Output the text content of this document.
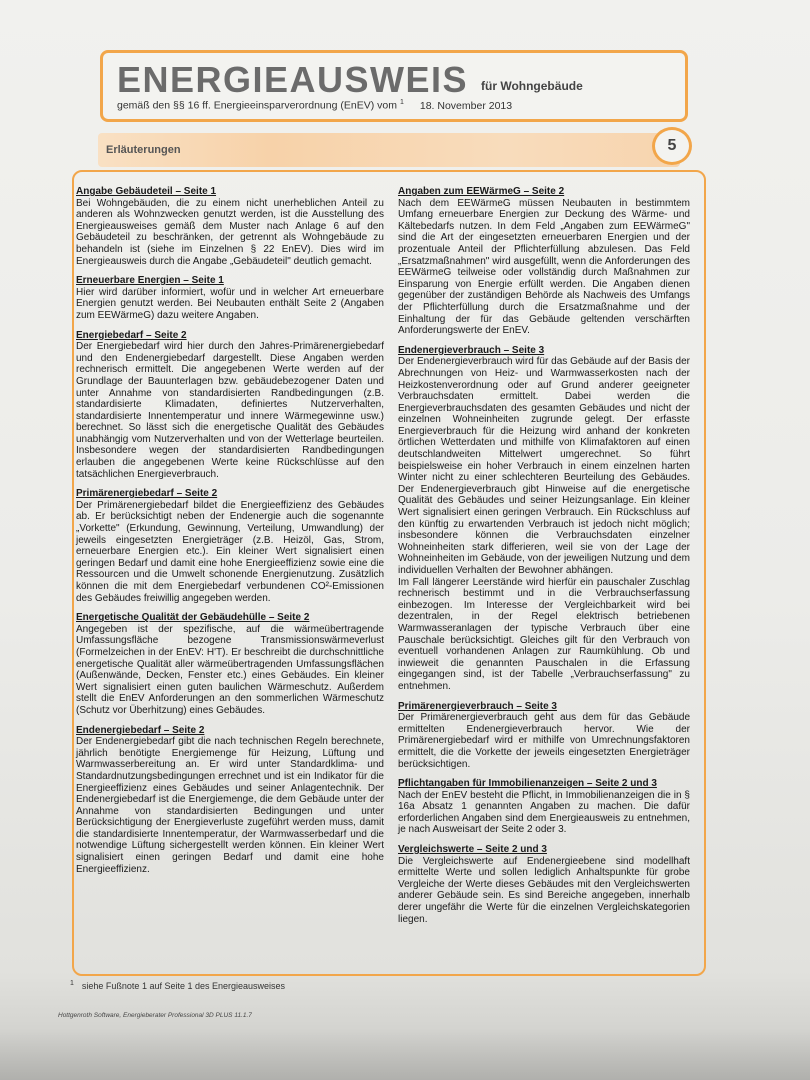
ENERGIEAUSWEIS für Wohngebäude
gemäß den §§ 16 ff. Energieeinsparverordnung (EnEV) vom $^1$ 18. November 2013
Erläuterungen	5
Angabe Gebäudeteil – Seite 1
Bei Wohngebäuden, die zu einem nicht unerheblichen Anteil zu anderen als Wohnzwecken genutzt werden, ist die Ausstellung des Energieausweises gemäß dem Muster nach Anlage 6 auf den Gebäudeteil zu beschränken, der getrennt als Wohngebäude zu behandeln ist (siehe im Einzelnen § 22 EnEV). Dies wird im Energieausweis durch die Angabe „Gebäudeteil" deutlich gemacht.
Erneuerbare Energien – Seite 1
Hier wird darüber informiert, wofür und in welcher Art erneuerbare Energien genutzt werden. Bei Neubauten enthält Seite 2 (Angaben zum EEWärmeG) dazu weitere Angaben.
Energiebedarf – Seite 2
Der Energiebedarf wird hier durch den Jahres-Primärenergiebedarf und den Endenergiebedarf dargestellt. Diese Angaben werden rechnerisch ermittelt. Die angegebenen Werte werden auf der Grundlage der Bauunterlagen bzw. gebäudebezogener Daten und unter Annahme von standardisierten Randbedingungen (z.B. standardisierte Klimadaten, definiertes Nutzerverhalten, standardisierte Innentemperatur und innere Wärmegewinne usw.) berechnet. So lässt sich die energetische Qualität des Gebäudes unabhängig vom Nutzerverhalten und von der Wetterlage beurteilen. Insbesondere wegen der standardisierten Randbedingungen erlauben die angegebenen Werte keine Rückschlüsse auf den tatsächlichen Energieverbrauch.
Primärenergiebedarf – Seite 2
Der Primärenergiebedarf bildet die Energieeffizienz des Gebäudes ab. Er berücksichtigt neben der Endenergie auch die sogenannte „Vorkette" (Erkundung, Gewinnung, Verteilung, Umwandlung) der jeweils eingesetzten Energieträger (z.B. Heizöl, Gas, Strom, erneuerbare Energien etc.). Ein kleiner Wert signalisiert einen geringen Bedarf und damit eine hohe Energieeffizienz sowie eine die Ressourcen und die Umwelt schonende Energienutzung. Zusätzlich können die mit dem Energiebedarf verbundenen CO²-Emissionen des Gebäudes freiwillig angegeben werden.
Energetische Qualität der Gebäudehülle – Seite 2
Angegeben ist der spezifische, auf die wärmeübertragende Umfassungsfläche bezogene Transmissionswärmeverlust (Formelzeichen in der EnEV: H'T). Er beschreibt die durchschnittliche energetische Qualität aller wärmeübertragenden Umfassungsflächen (Außenwände, Decken, Fenster etc.) eines Gebäudes. Ein kleiner Wert signalisiert einen guten baulichen Wärmeschutz. Außerdem stellt die EnEV Anforderungen an den sommerlichen Wärmeschutz (Schutz vor Überhitzung) eines Gebäudes.
Endenergiebedarf – Seite 2
Der Endenergiebedarf gibt die nach technischen Regeln berechnete, jährlich benötigte Energiemenge für Heizung, Lüftung und Warmwasserbereitung an. Er wird unter Standardklima- und Standardnutzungsbedingungen errechnet und ist ein Indikator für die Energieeffizienz eines Gebäudes und seiner Anlagentechnik. Der Endenergiebedarf ist die Energiemenge, die dem Gebäude unter der Annahme von standardisierten Bedingungen und unter Berücksichtigung der Energieverluste zugeführt werden muss, damit die standardisierte Innentemperatur, der Warmwasserbedarf und die notwendige Lüftung sichergestellt werden können. Ein kleiner Wert signalisiert einen geringen Bedarf und damit eine hohe Energieeffizienz.
Angaben zum EEWärmeG – Seite 2
Nach dem EEWärmeG müssen Neubauten in bestimmtem Umfang erneuerbare Energien zur Deckung des Wärme- und Kältebedarfs nutzen. In dem Feld „Angaben zum EEWärmeG" sind die Art der eingesetzten erneuerbaren Energien und der prozentuale Anteil der Pflichterfüllung abzulesen. Das Feld „Ersatzmaßnahmen" wird ausgefüllt, wenn die Anforderungen des EEWärmeG teilweise oder vollständig durch Maßnahmen zur Einsparung von Energie erfüllt werden. Die Angaben dienen gegenüber der zuständigen Behörde als Nachweis des Umfangs der Pflichterfüllung durch die Ersatzmaßnahme und der Einhaltung der für das Gebäude geltenden verschärften Anforderungswerte der EnEV.
Endenergieverbrauch – Seite 3
Der Endenergieverbrauch wird für das Gebäude auf der Basis der Abrechnungen von Heiz- und Warmwasserkosten nach der Heizkostenverordnung oder auf Grund anderer geeigneter Verbrauchsdaten ermittelt. Dabei werden die Energieverbrauchsdaten des gesamten Gebäudes und nicht der einzelnen Wohneinheiten zugrunde gelegt. Der erfasste Energieverbrauch für die Heizung wird anhand der konkreten örtlichen Wetterdaten und mithilfe von Klimafaktoren auf einen deutschlandweiten Mittelwert umgerechnet. So führt beispielsweise ein hoher Verbrauch in einem einzelnen harten Winter nicht zu einer schlechteren Beurteilung des Gebäudes. Der Endenergieverbrauch gibt Hinweise auf die energetische Qualität des Gebäudes und seiner Heizungsanlage. Ein kleiner Wert signalisiert einen geringen Verbrauch. Ein Rückschluss auf den künftig zu erwartenden Verbrauch ist jedoch nicht möglich; insbesondere können die Verbrauchsdaten einzelner Wohneinheiten stark differieren, weil sie von der Lage der Wohneinheiten im Gebäude, von der jeweiligen Nutzung und dem individuellen Verhalten der Bewohner abhängen.
Im Fall längerer Leerstände wird hierfür ein pauschaler Zuschlag rechnerisch bestimmt und in die Verbrauchserfassung einbezogen. Im Interesse der Vergleichbarkeit wird bei dezentralen, in der Regel elektrisch betriebenen Warmwasseranlagen der typische Verbrauch über eine Pauschale berücksichtigt. Gleiches gilt für den Verbrauch von eventuell vorhandenen Anlagen zur Raumkühlung. Ob und inwieweit die genannten Pauschalen in die Erfassung eingegangen sind, ist der Tabelle „Verbrauchserfassung" zu entnehmen.
Primärenergieverbrauch – Seite 3
Der Primärenergieverbrauch geht aus dem für das Gebäude ermittelten Endenergieverbrauch hervor. Wie der Primärenergiebedarf wird er mithilfe von Umrechnungsfaktoren ermittelt, die die Vorkette der jeweils eingesetzten Energieträger berücksichtigen.
Pflichtangaben für Immobilienanzeigen – Seite 2 und 3
Nach der EnEV besteht die Pflicht, in Immobilienanzeigen die in § 16a Absatz 1 genannten Angaben zu machen. Die dafür erforderlichen Angaben sind dem Energieausweis zu entnehmen, je nach Ausweisart der Seite 2 oder 3.
Vergleichswerte – Seite 2 und 3
Die Vergleichswerte auf Endenergieebene sind modellhaft ermittelte Werte und sollen lediglich Anhaltspunkte für grobe Vergleiche der Werte dieses Gebäudes mit den Vergleichswerten anderer Gebäude sein. Es sind Bereiche angegeben, innerhalb derer ungefähr die Werte für die einzelnen Vergleichskategorien liegen.
$^1$ siehe Fußnote 1 auf Seite 1 des Energieausweises
Hottgenroth Software, Energieberater Professional 3D PLUS 11.1.7
